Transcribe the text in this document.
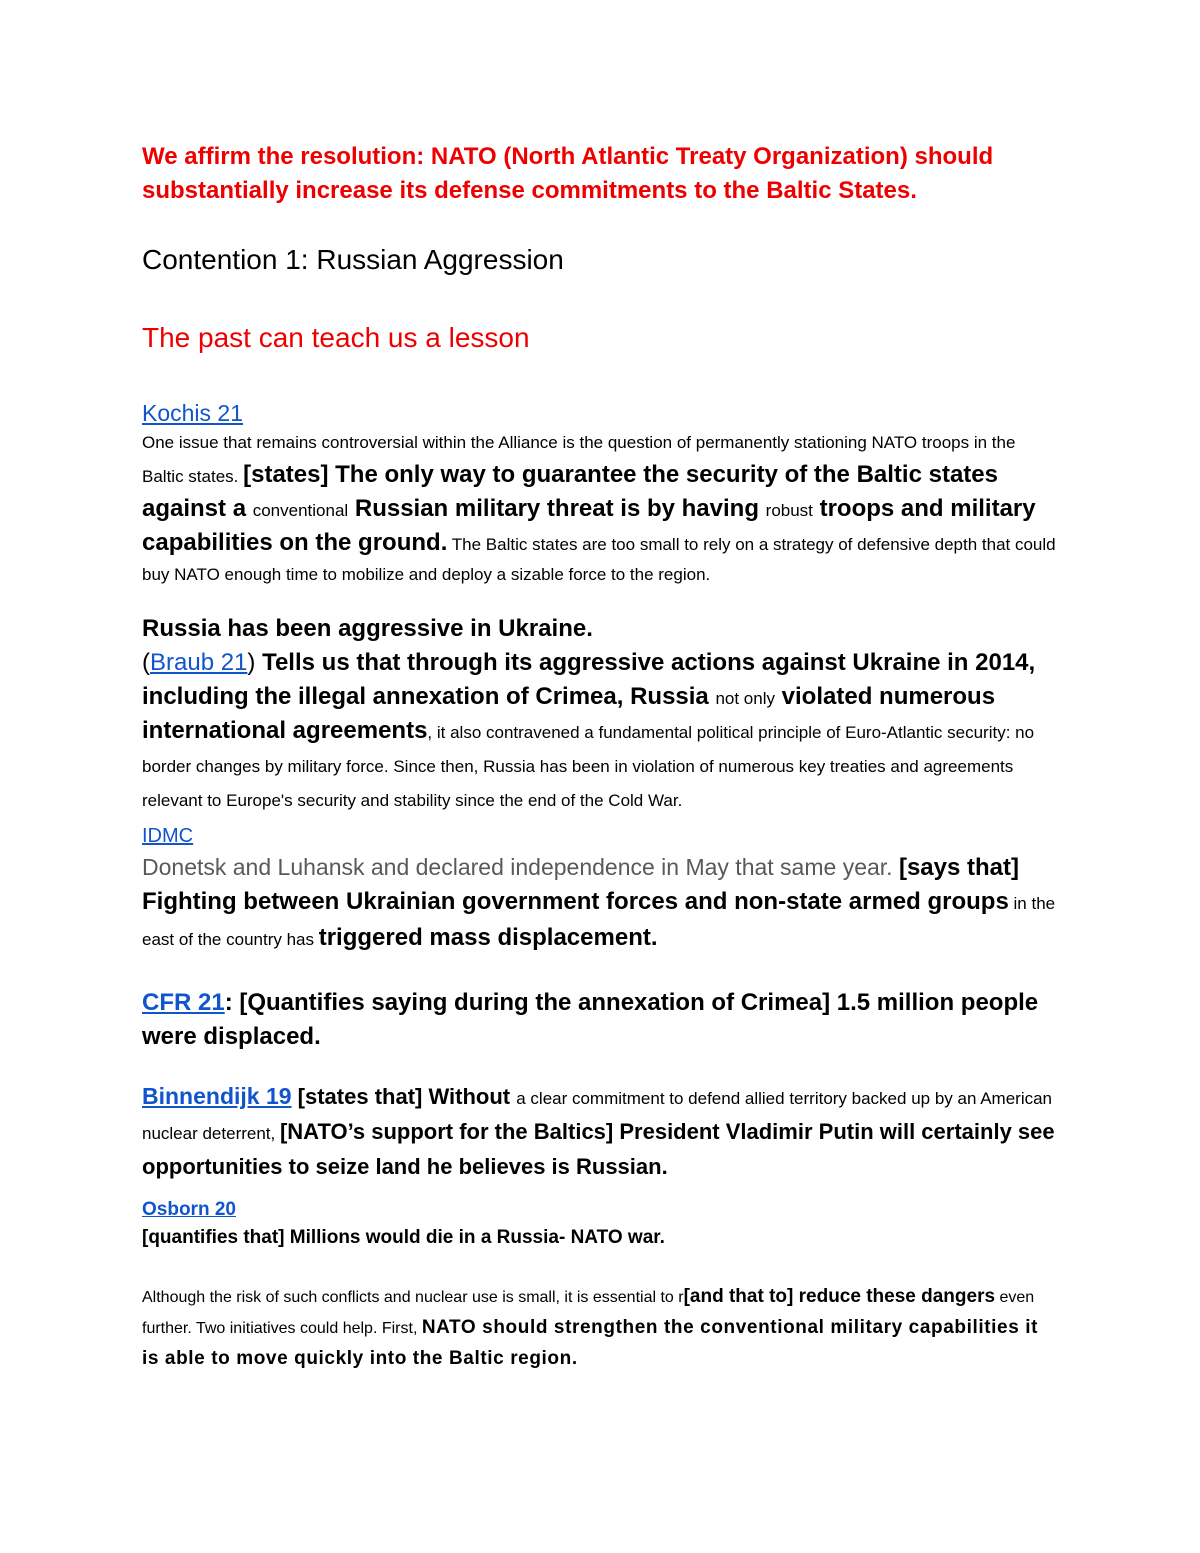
We affirm the resolution: NATO (North Atlantic Treaty Organization) should substantially increase its defense commitments to the Baltic States.
Contention 1: Russian Aggression
The past can teach us a lesson
Kochis 21
One issue that remains controversial within the Alliance is the question of permanently stationing NATO troops in the Baltic states. [states] The only way to guarantee the security of the Baltic states against a conventional Russian military threat is by having robust troops and military capabilities on the ground. The Baltic states are too small to rely on a strategy of defensive depth that could buy NATO enough time to mobilize and deploy a sizable force to the region.
Russia has been aggressive in Ukraine.
(Braub 21) Tells us that through its aggressive actions against Ukraine in 2014, including the illegal annexation of Crimea, Russia not only violated numerous international agreements, it also contravened a fundamental political principle of Euro-Atlantic security: no border changes by military force. Since then, Russia has been in violation of numerous key treaties and agreements relevant to Europe's security and stability since the end of the Cold War.
IDMC
Donetsk and Luhansk and declared independence in May that same year. [says that] Fighting between Ukrainian government forces and non-state armed groups in the east of the country has triggered mass displacement.
CFR 21: [Quantifies saying during the annexation of Crimea] 1.5 million people were displaced.
Binnendijk 19 [states that] Without a clear commitment to defend allied territory backed up by an American nuclear deterrent, [NATO’s support for the Baltics] President Vladimir Putin will certainly see opportunities to seize land he believes is Russian.
Osborn 20
[quantifies that] Millions would die in a Russia- NATO war.
Although the risk of such conflicts and nuclear use is small, it is essential to r[and that to] reduce these dangers even further. Two initiatives could help. First, NATO should strengthen the conventional military capabilities it is able to move quickly into the Baltic region.
